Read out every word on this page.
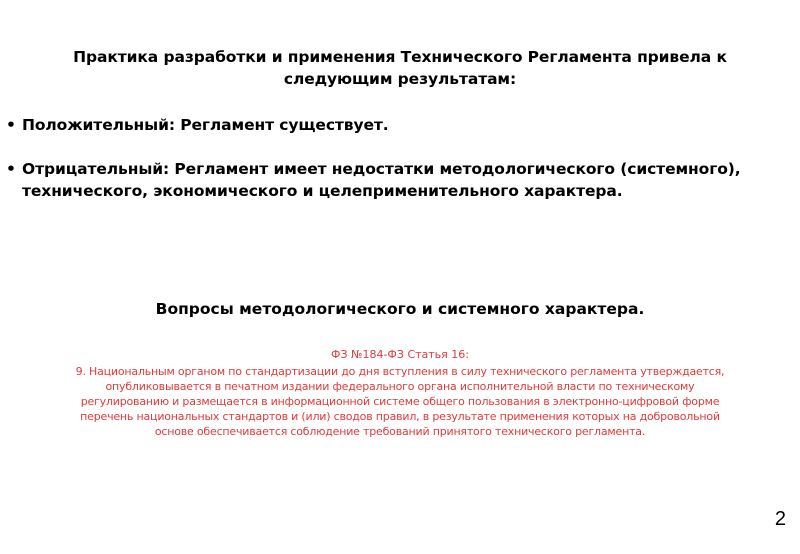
Практика разработки и применения Технического Регламента привела к следующим результатам:
• Положительный: Регламент существует.
• Отрицательный: Регламент имеет недостатки методологического (системного), технического, экономического и целеприменительного характера.
Вопросы методологического и системного характера.
ФЗ №184-ФЗ Статья 16:
9. Национальным органом по стандартизации до дня вступления в силу технического регламента утверждается, опубликовывается в печатном издании федерального органа исполнительной власти по техническому регулированию и размещается в информационной системе общего пользования в электронно-цифровой форме перечень национальных стандартов и (или) сводов правил, в результате применения которых на добровольной основе обеспечивается соблюдение требований принятого технического регламента.
2
